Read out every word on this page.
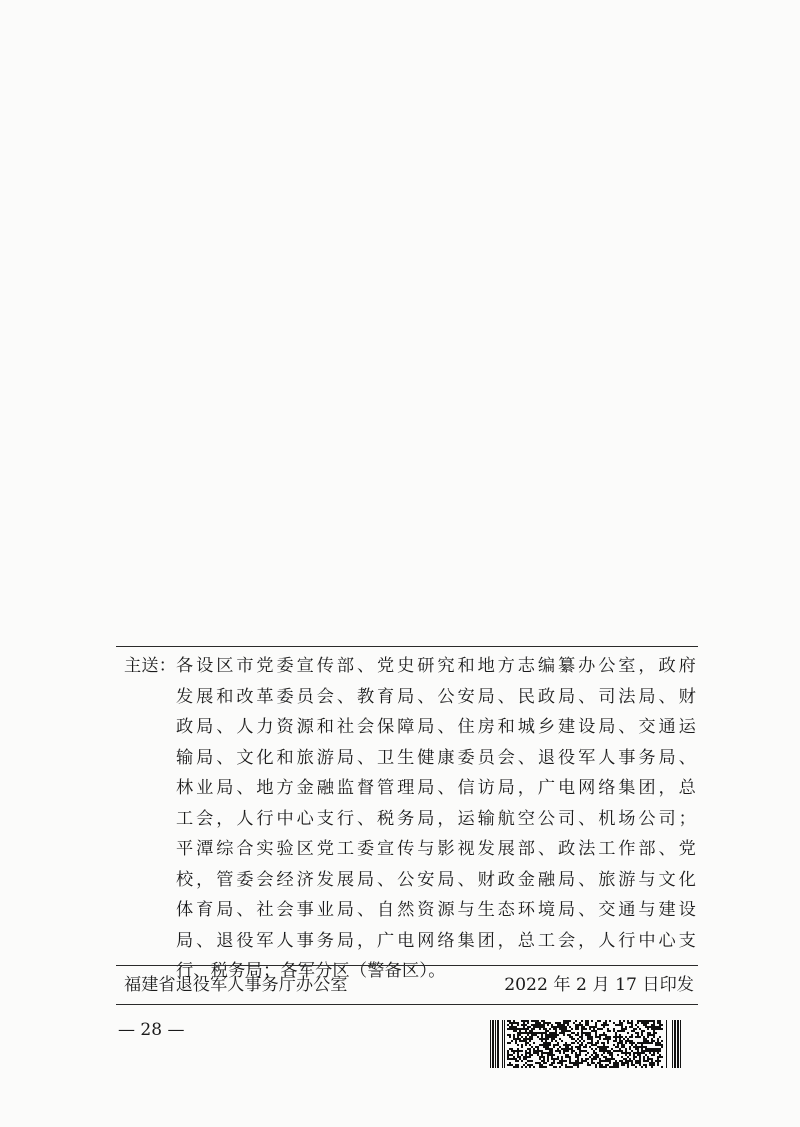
主送： 各设区市党委宣传部、党史研究和地方志编纂办公室，政府
发展和改革委员会、教育局、公安局、民政局、司法局、财
政局、人力资源和社会保障局、住房和城乡建设局、交通运
输局、文化和旅游局、卫生健康委员会、退役军人事务局、
林业局、地方金融监督管理局、信访局，广电网络集团，总
工会，人行中心支行、税务局，运输航空公司、机场公司；
平潭综合实验区党工委宣传与影视发展部、政法工作部、党
校，管委会经济发展局、公安局、财政金融局、旅游与文化
体育局、社会事业局、自然资源与生态环境局、交通与建设
局、退役军人事务局，广电网络集团，总工会，人行中心支
行、税务局；各军分区（警备区）。
福建省退役军人事务厅办公室	2022 年 2 月 17 日印发
— 28 —
